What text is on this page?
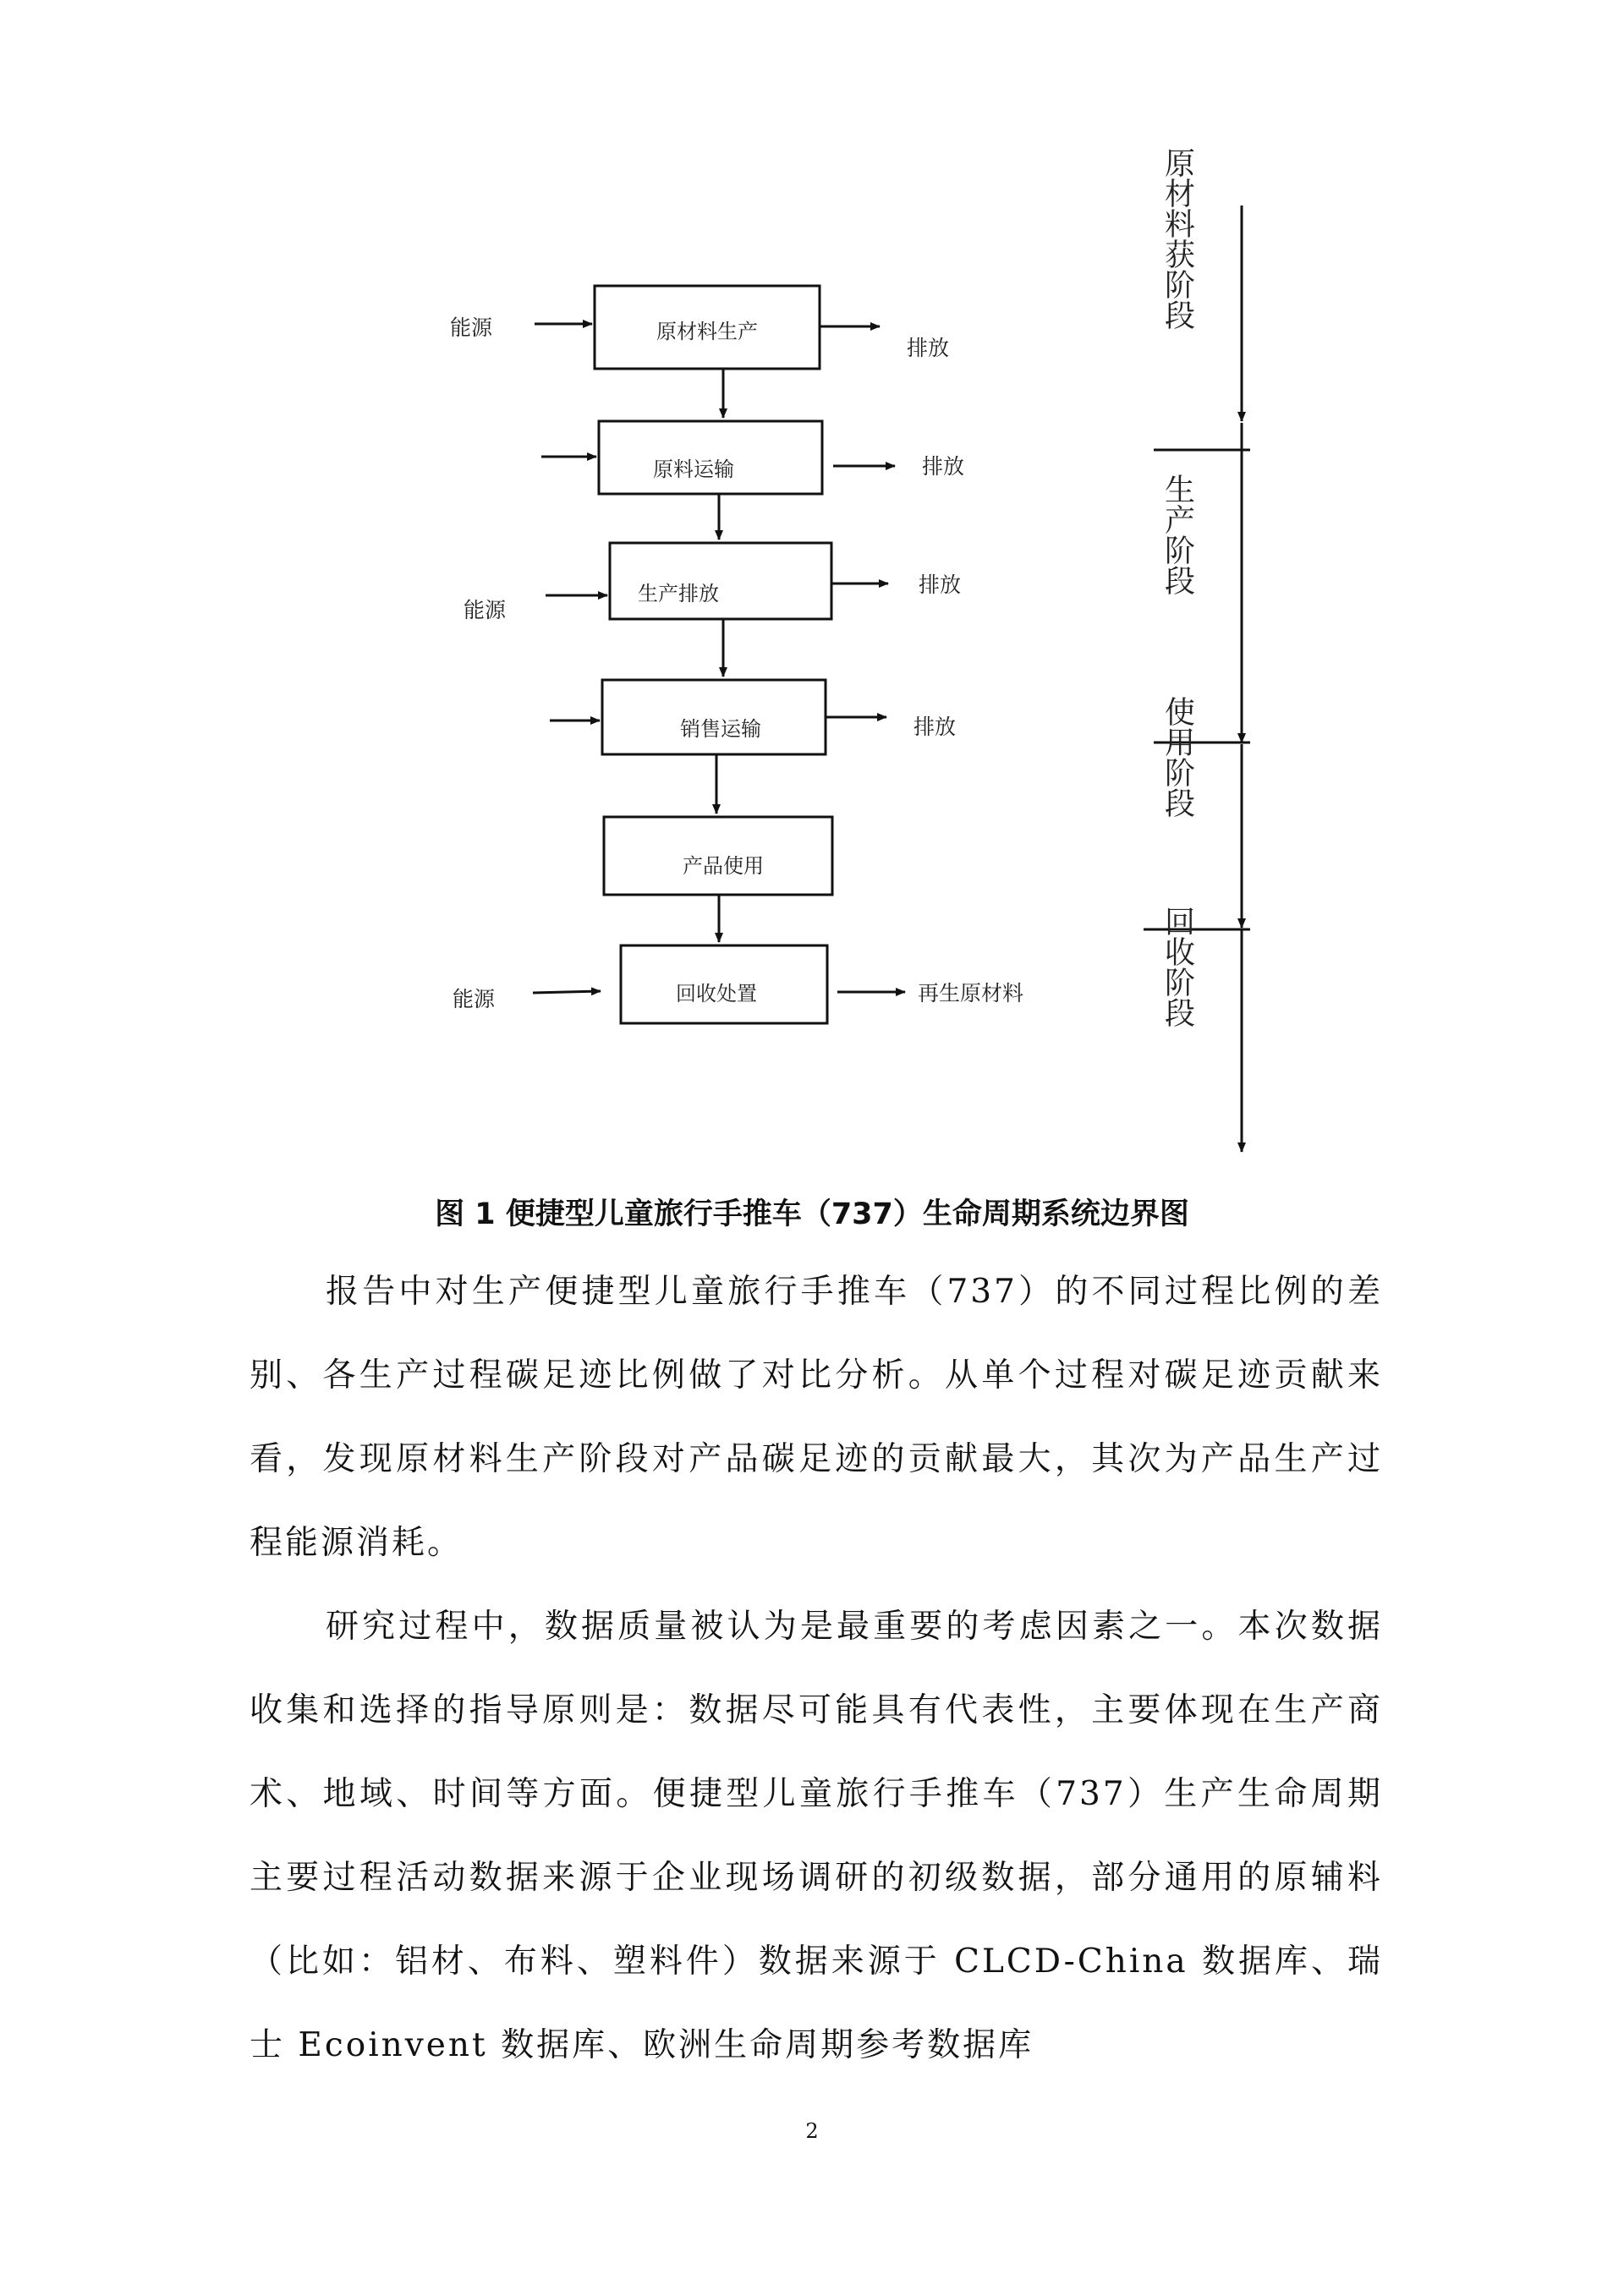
原材料生产
原料运输
生产排放
销售运输
产品使用
回收处置
能源
能源
能源
排放
排放
排放
排放
再生原材料
原材料获阶段
生产阶段
使用阶段
回收阶段
图 1 便捷型儿童旅行手推车（737）生命周期系统边界图

报告中对生产便捷型儿童旅行手推车（737）的不同过程比例的差别、各生产过程碳足迹比例做了对比分析。从单个过程对碳足迹贡献来看，发现原材料生产阶段对产品碳足迹的贡献最大，其次为产品生产过程能源消耗。

研究过程中，数据质量被认为是最重要的考虑因素之一。本次数据收集和选择的指导原则是：数据尽可能具有代表性，主要体现在生产商术、地域、时间等方面。便捷型儿童旅行手推车（737）生产生命周期主要过程活动数据来源于企业现场调研的初级数据，部分通用的原辅料（比如：铝材、布料、塑料件）数据来源于 CLCD-China 数据库、瑞士 Ecoinvent 数据库、欧洲生命周期参考数据库

2
